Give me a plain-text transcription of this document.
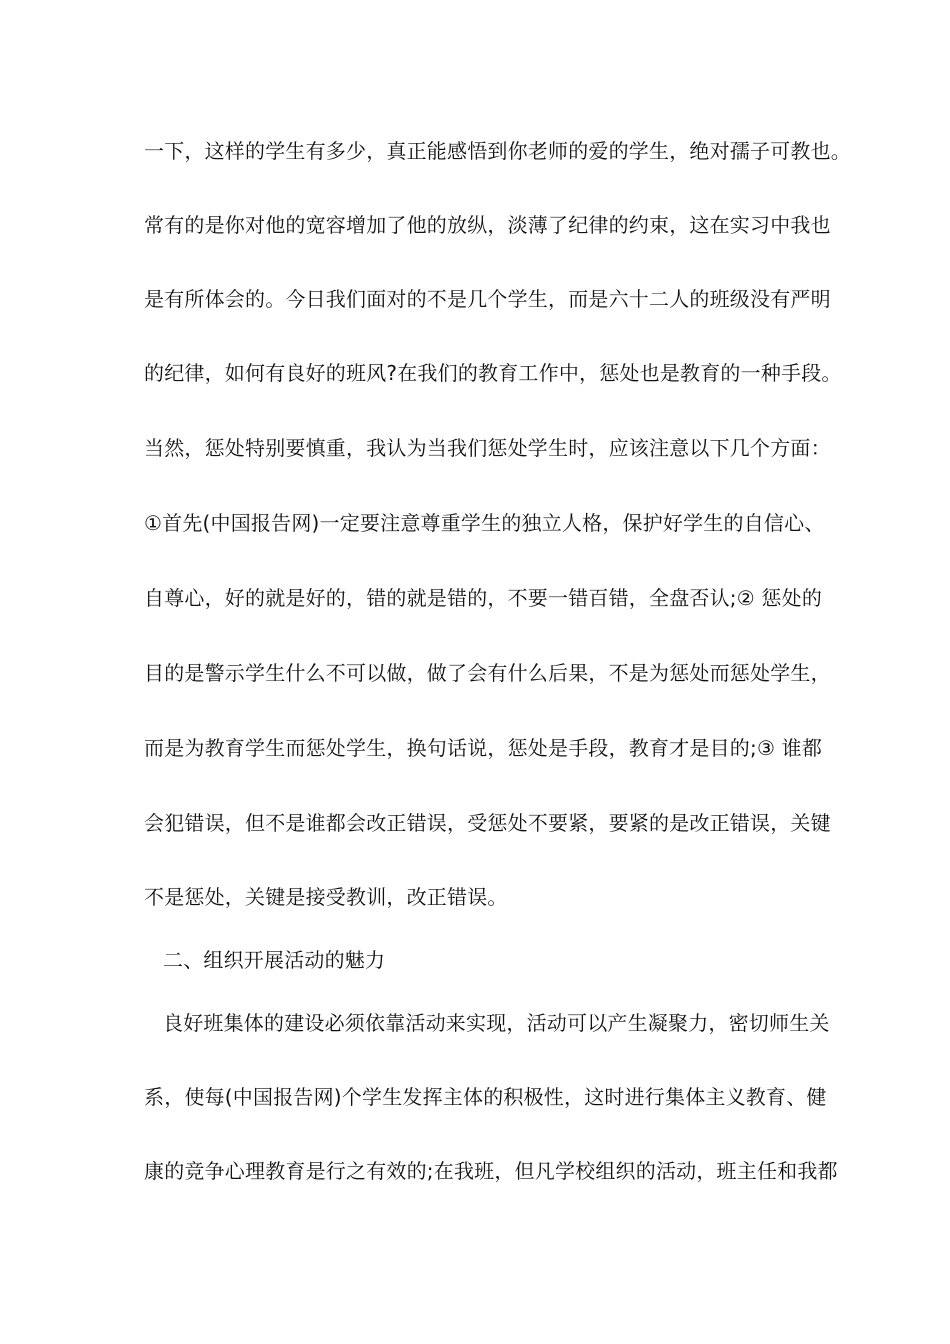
一下，这样的学生有多少，真正能感悟到你老师的爱的学生，绝对孺子可教也。
常有的是你对他的宽容增加了他的放纵，淡薄了纪律的约束，这在实习中我也
是有所体会的。今日我们面对的不是几个学生，而是六十二人的班级没有严明
的纪律，如何有良好的班风?在我们的教育工作中，惩处也是教育的一种手段。
当然，惩处特别要慎重，我认为当我们惩处学生时，应该注意以下几个方面：
①首先(中国报告网)一定要注意尊重学生的独立人格，保护好学生的自信心、
自尊心，好的就是好的，错的就是错的，不要一错百错，全盘否认;② 惩处的
目的是警示学生什么不可以做，做了会有什么后果，不是为惩处而惩处学生，
而是为教育学生而惩处学生，换句话说，惩处是手段，教育才是目的;③ 谁都
会犯错误，但不是谁都会改正错误，受惩处不要紧，要紧的是改正错误，关键
不是惩处，关键是接受教训，改正错误。
二、组织开展活动的魅力
良好班集体的建设必须依靠活动来实现，活动可以产生凝聚力，密切师生关
系，使每(中国报告网)个学生发挥主体的积极性，这时进行集体主义教育、健
康的竞争心理教育是行之有效的;在我班，但凡学校组织的活动，班主任和我都
